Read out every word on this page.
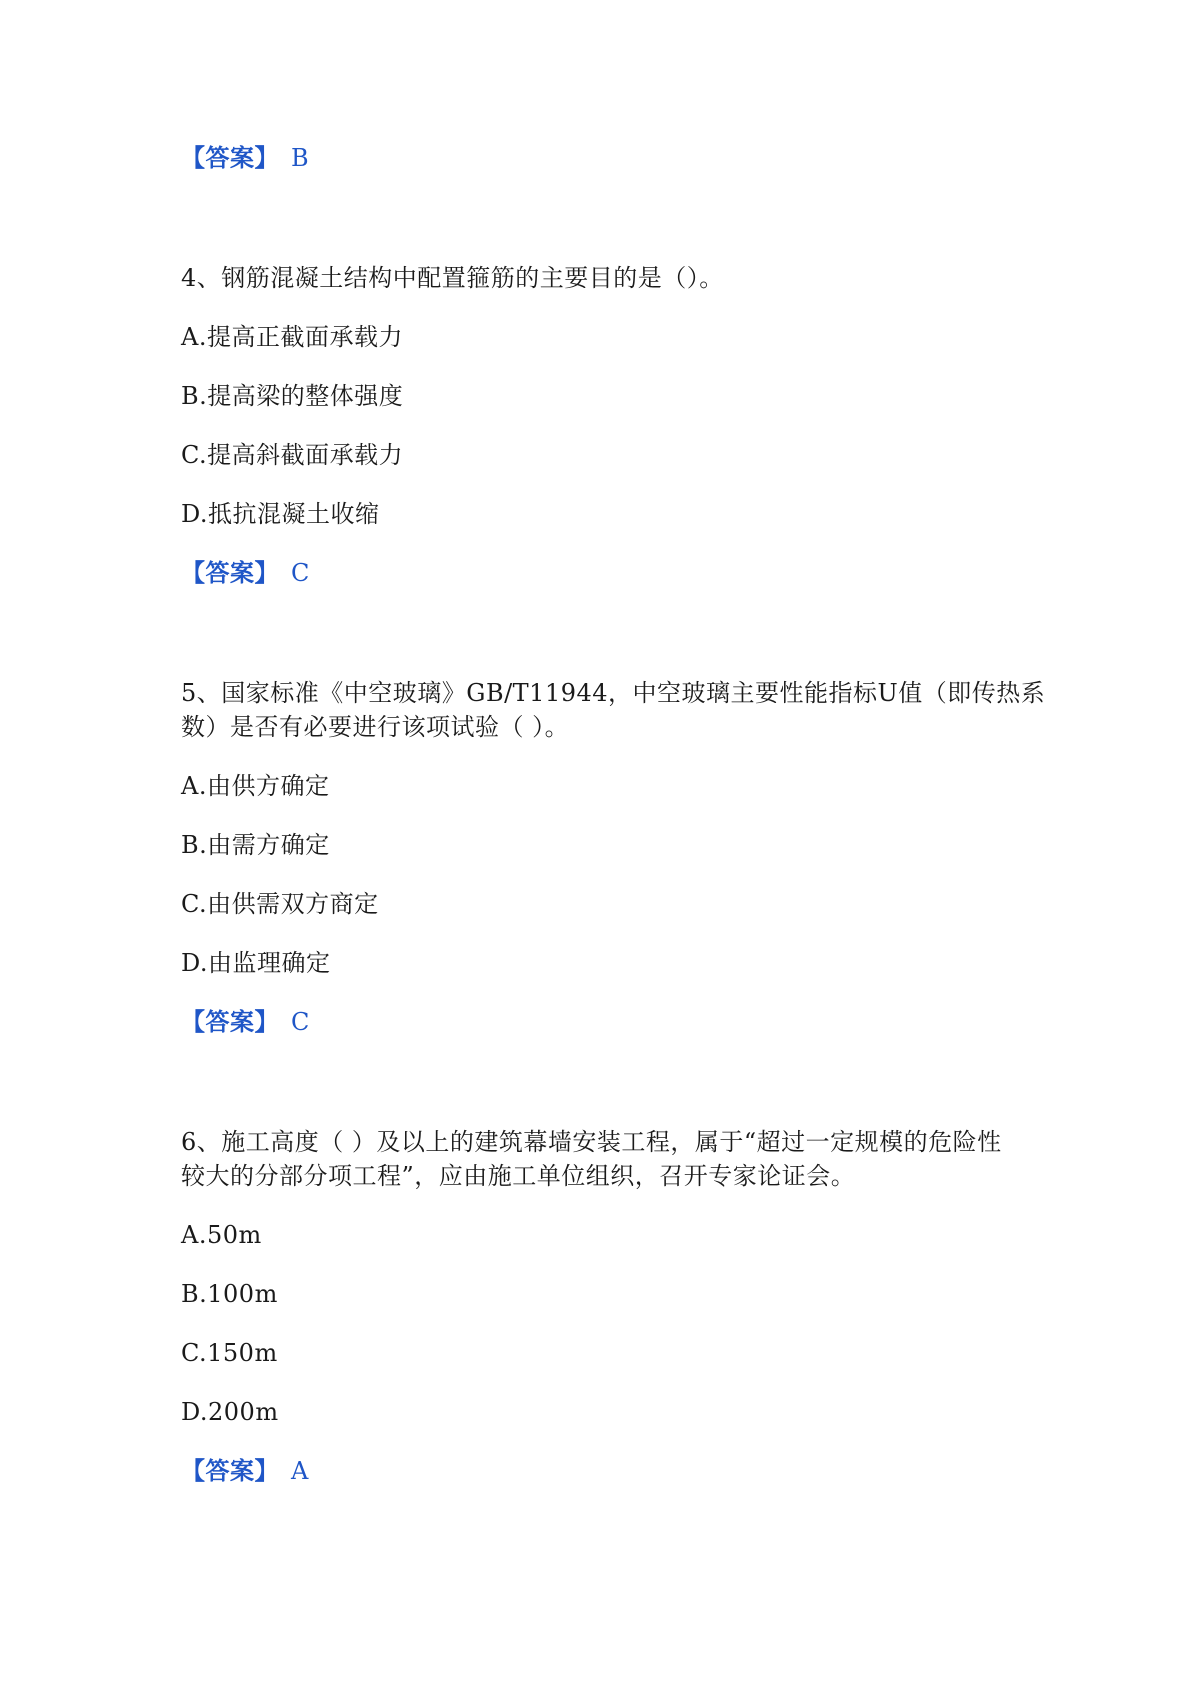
【答案】 B
4、钢筋混凝土结构中配置箍筋的主要目的是（）。
A.提高正截面承载力
B.提高梁的整体强度
C.提高斜截面承载力
D.抵抗混凝土收缩
【答案】 C
5、国家标准《中空玻璃》GB/T11944，中空玻璃主要性能指标U值（即传热系
数）是否有必要进行该项试验（ ）。
A.由供方确定
B.由需方确定
C.由供需双方商定
D.由监理确定
【答案】 C
6、施工高度（ ）及以上的建筑幕墙安装工程，属于“超过一定规模的危险性
较大的分部分项工程”，应由施工单位组织，召开专家论证会。
A.50m
B.100m
C.150m
D.200m
【答案】 A
